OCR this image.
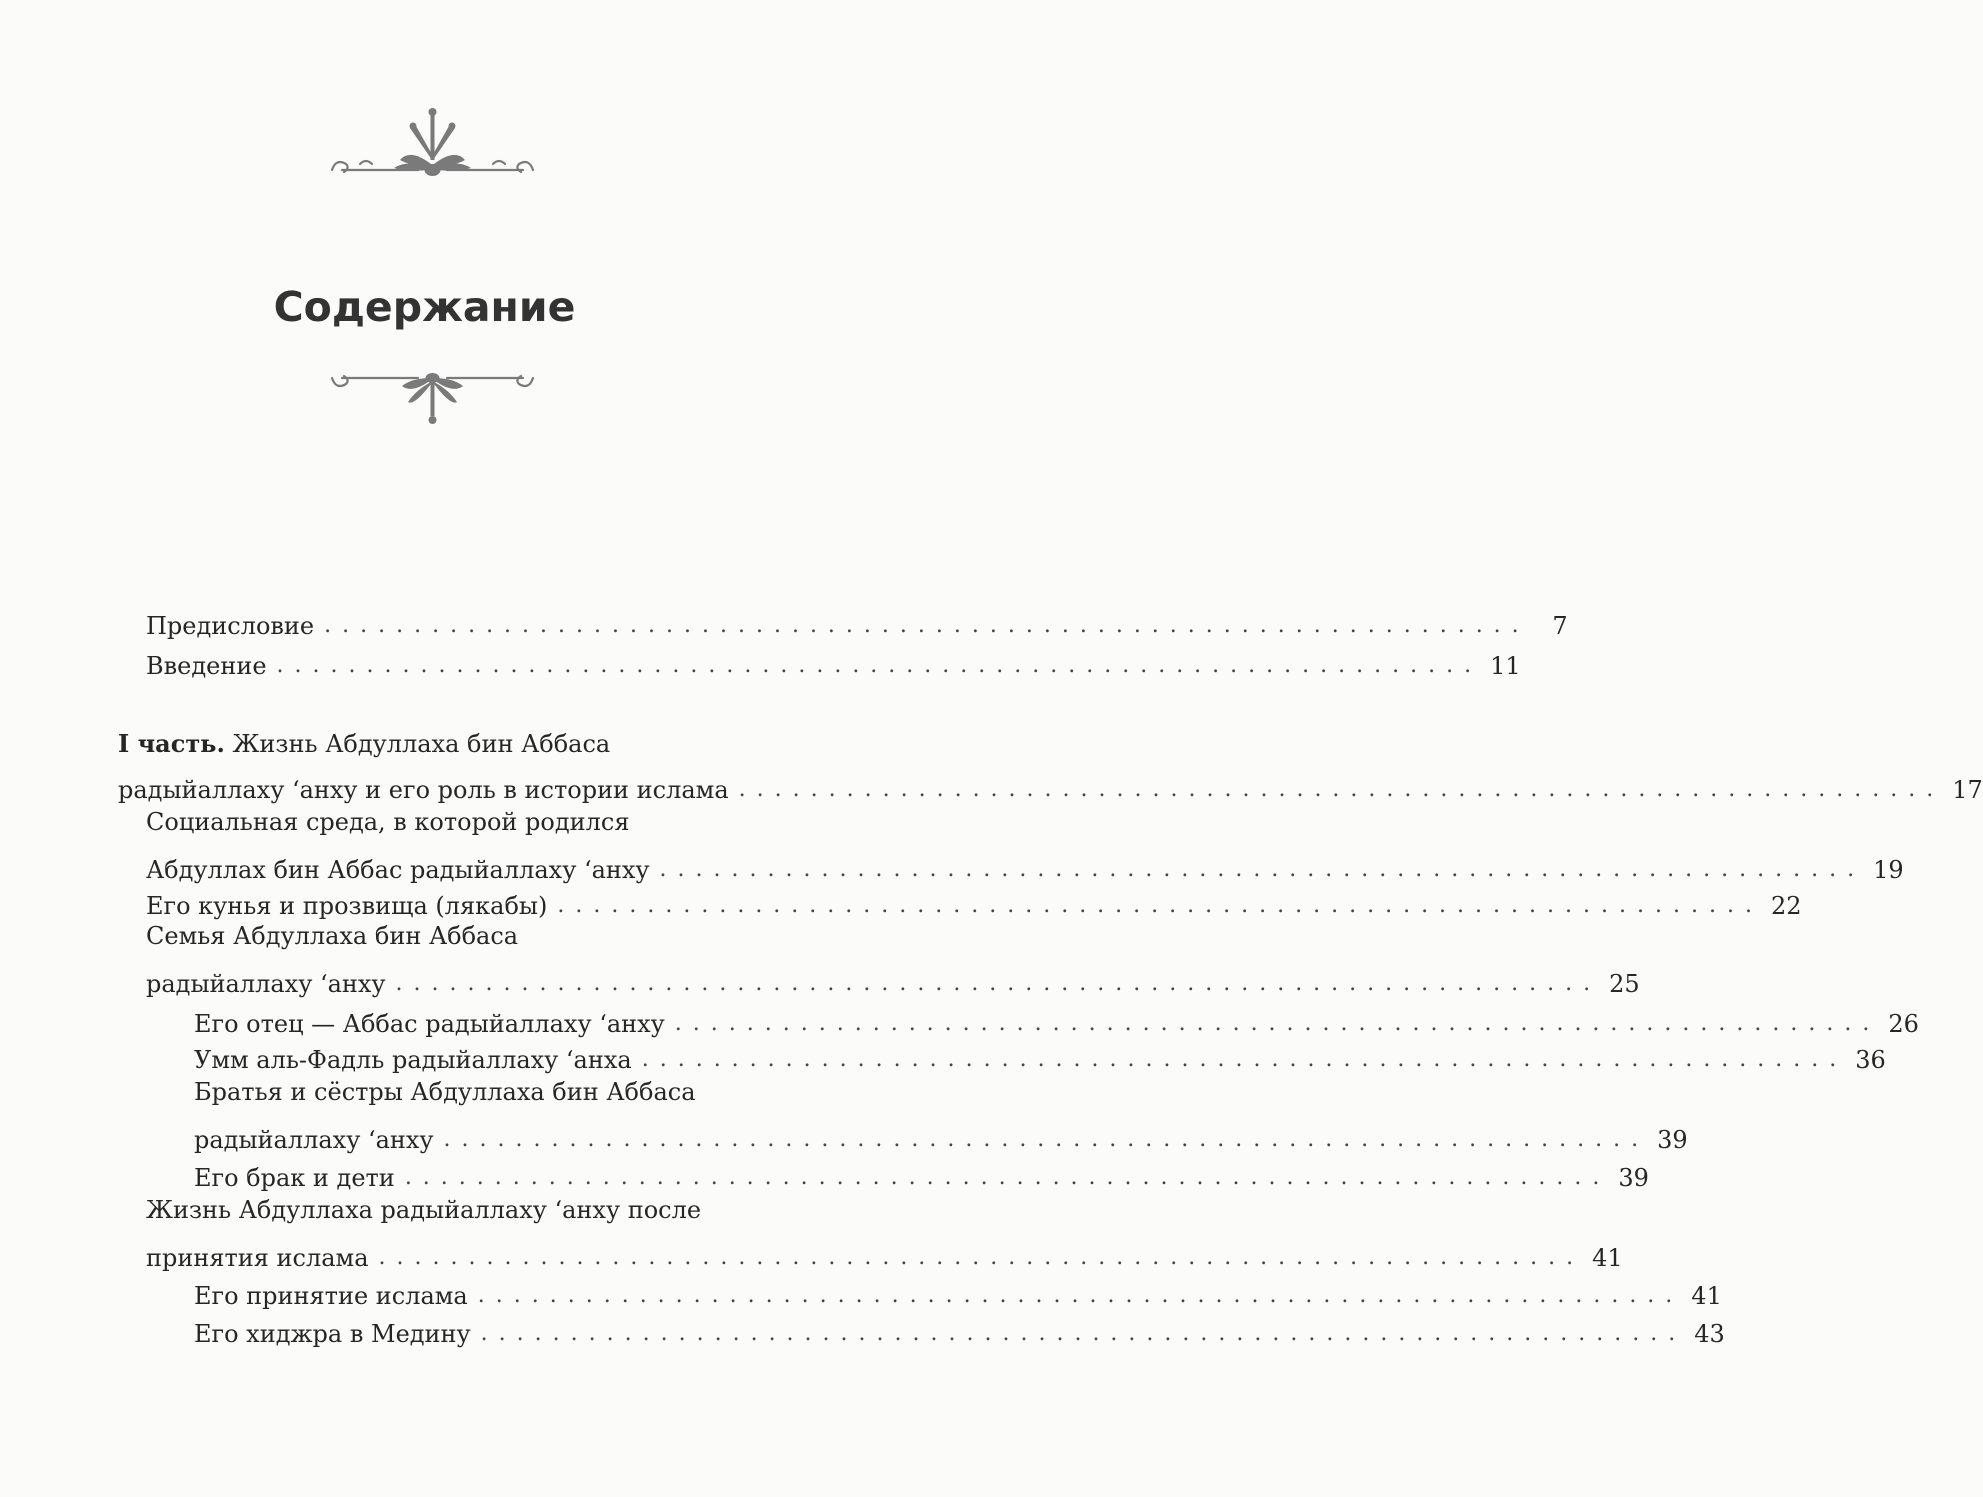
Содержание
Предисловие ................................................................... 7
Введение ................................................................... 11
I часть. Жизнь Абдуллаха бин Аббаса
радыйаллаху ‘анху и его роль в истории ислама ................................................................... 17
Социальная среда, в которой родился
Абдуллах бин Аббас радыйаллаху ‘анху ................................................................... 19
Его кунья и прозвища (лякабы) ................................................................... 22
Семья Абдуллаха бин Аббаса
радыйаллаху ‘анху ................................................................... 25
Его отец — Аббас радыйаллаху ‘анху ................................................................... 26
Умм аль-Фадль радыйаллаху ‘анха ................................................................... 36
Братья и сёстры Абдуллаха бин Аббаса
радыйаллаху ‘анху ................................................................... 39
Его брак и дети ................................................................... 39
Жизнь Абдуллаха радыйаллаху ‘анху после
принятия ислама ................................................................... 41
Его принятие ислама ................................................................... 41
Его хиджра в Медину ................................................................... 43
